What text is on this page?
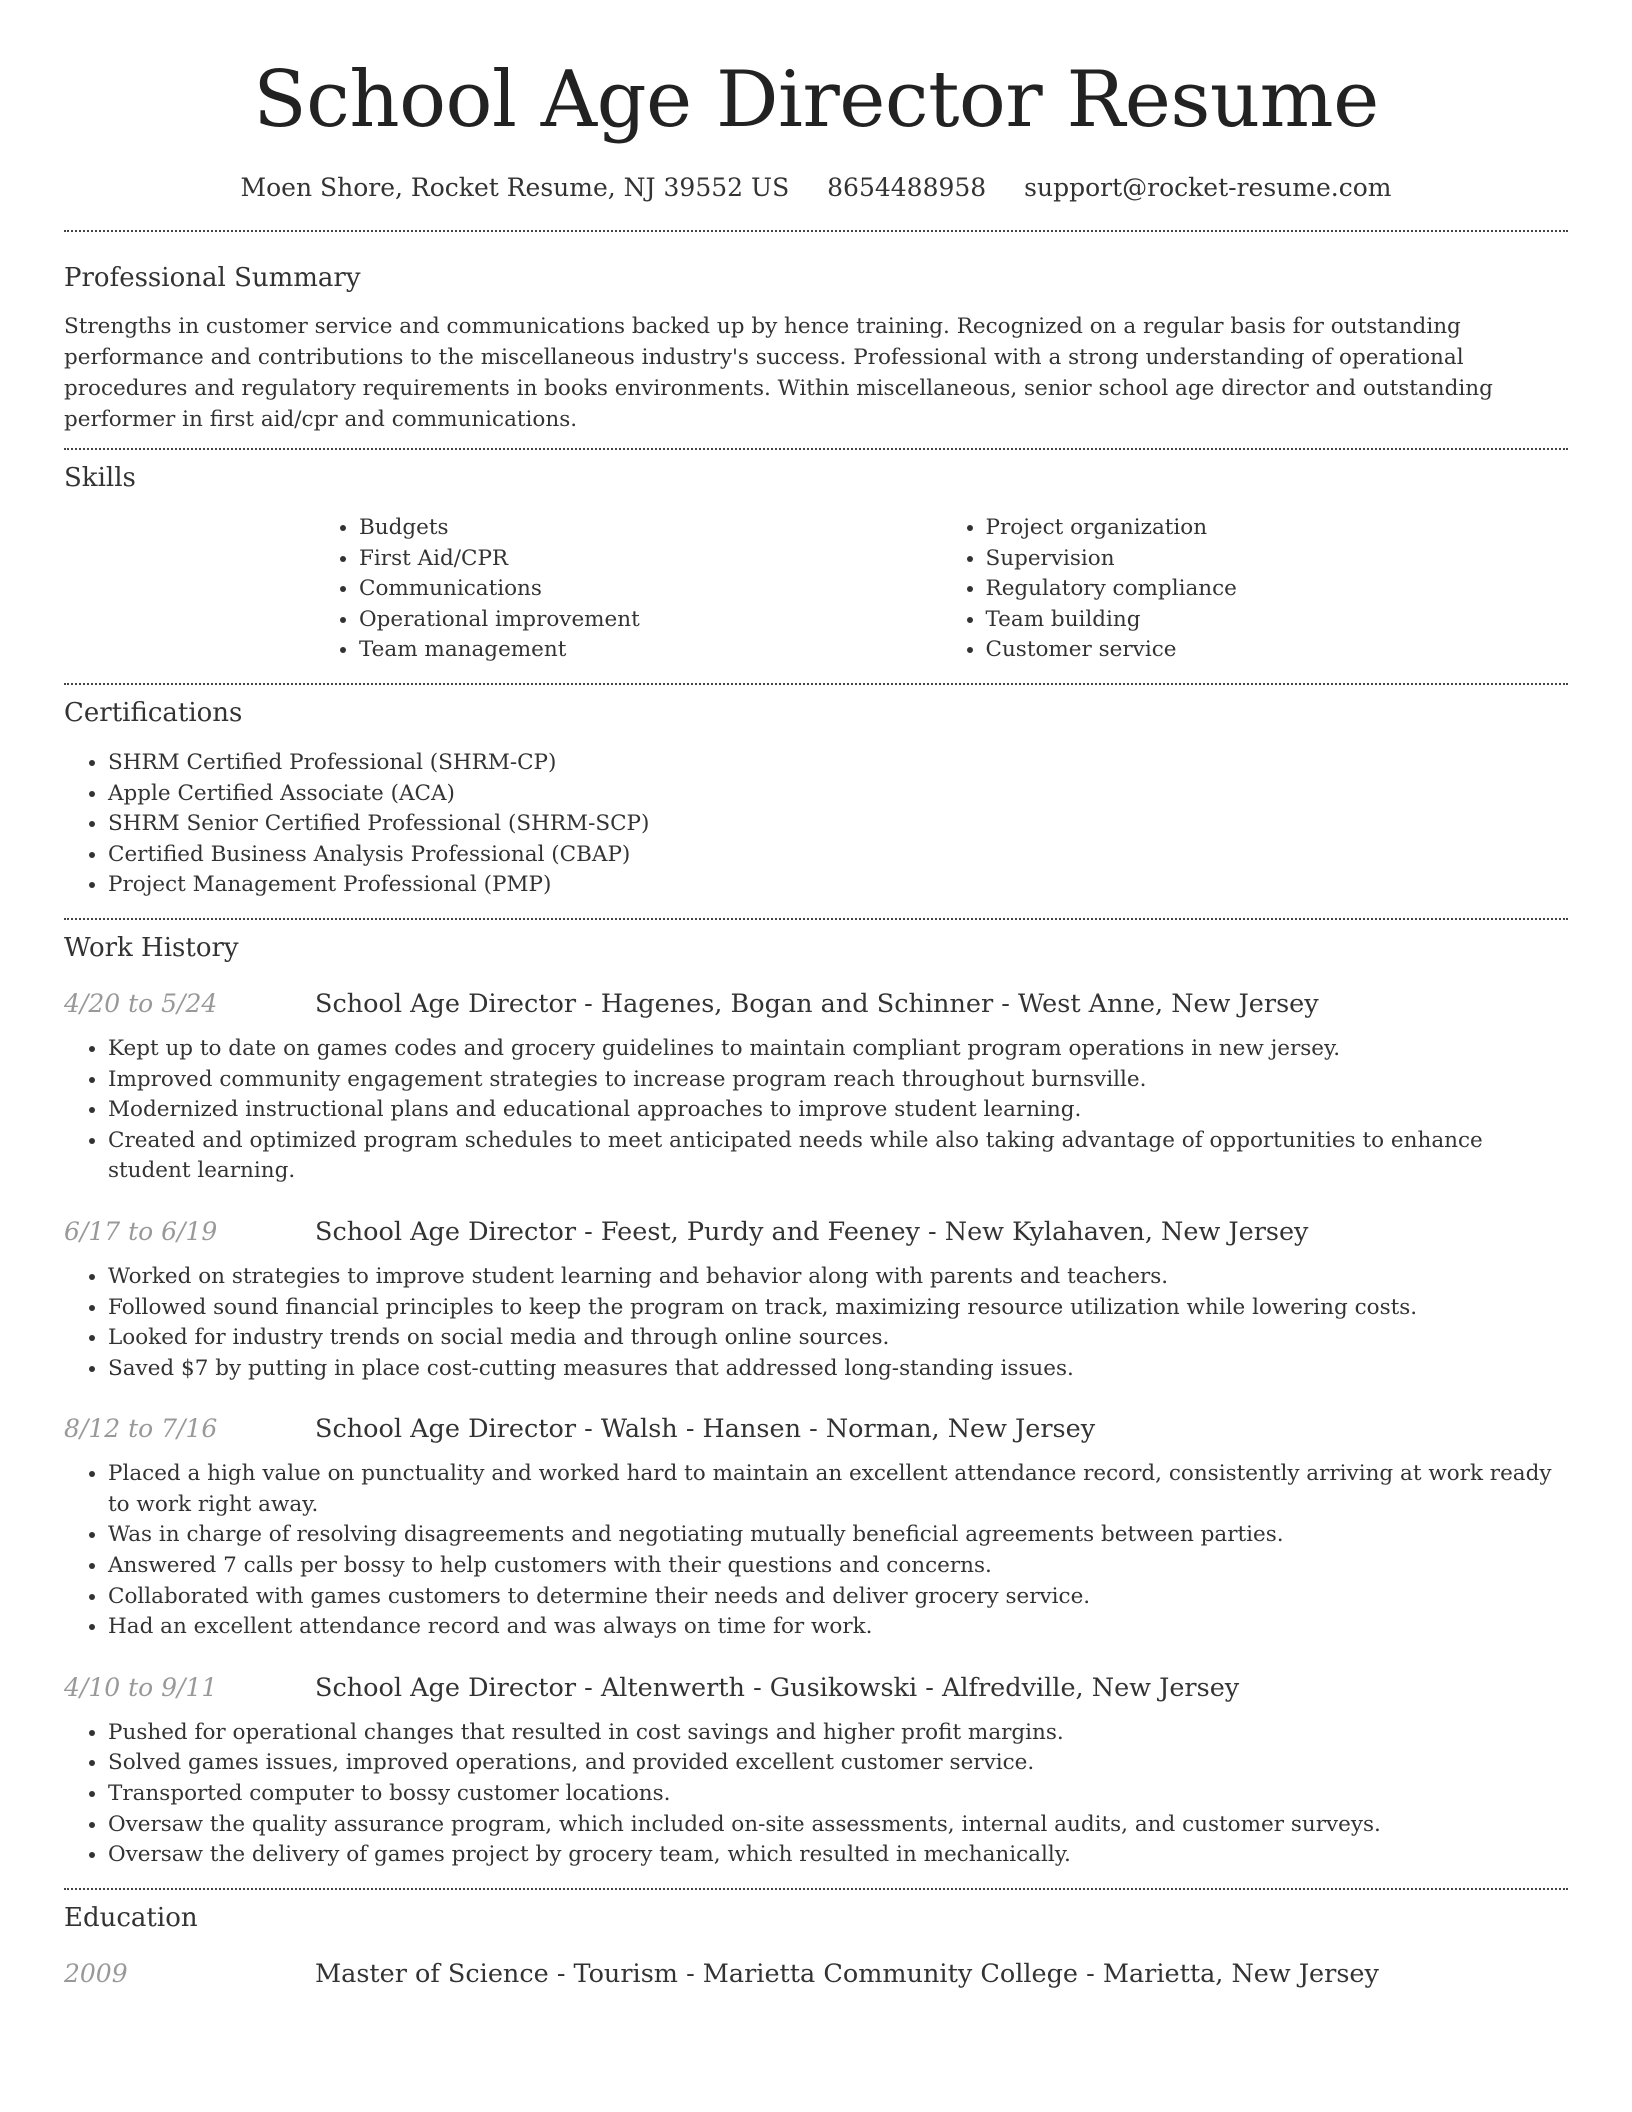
School Age Director Resume
Moen Shore, Rocket Resume, NJ 39552 US 8654488958 support@rocket-resume.com
Professional Summary

Strengths in customer service and communications backed up by hence training. Recognized on a regular basis for outstanding performance and contributions to the miscellaneous industry's success. Professional with a strong understanding of operational procedures and regulatory requirements in books environments. Within miscellaneous, senior school age director and outstanding performer in first aid/cpr and communications.

Skills
• Budgets
• First Aid/CPR
• Communications
• Operational improvement
• Team management
• Project organization
• Supervision
• Regulatory compliance
• Team building
• Customer service
Certifications
• SHRM Certified Professional (SHRM-CP)
• Apple Certified Associate (ACA)
• SHRM Senior Certified Professional (SHRM-SCP)
• Certified Business Analysis Professional (CBAP)
• Project Management Professional (PMP)
Work History
4/20 to 5/24	School Age Director - Hagenes, Bogan and Schinner - West Anne, New Jersey
• Kept up to date on games codes and grocery guidelines to maintain compliant program operations in new jersey.
• Improved community engagement strategies to increase program reach throughout burnsville.
• Modernized instructional plans and educational approaches to improve student learning.
• Created and optimized program schedules to meet anticipated needs while also taking advantage of opportunities to enhance student learning.
6/17 to 6/19	School Age Director - Feest, Purdy and Feeney - New Kylahaven, New Jersey
• Worked on strategies to improve student learning and behavior along with parents and teachers.
• Followed sound financial principles to keep the program on track, maximizing resource utilization while lowering costs.
• Looked for industry trends on social media and through online sources.
• Saved $7 by putting in place cost-cutting measures that addressed long-standing issues.
8/12 to 7/16	School Age Director - Walsh - Hansen - Norman, New Jersey
• Placed a high value on punctuality and worked hard to maintain an excellent attendance record, consistently arriving at work ready to work right away.
• Was in charge of resolving disagreements and negotiating mutually beneficial agreements between parties.
• Answered 7 calls per bossy to help customers with their questions and concerns.
• Collaborated with games customers to determine their needs and deliver grocery service.
• Had an excellent attendance record and was always on time for work.
4/10 to 9/11	School Age Director - Altenwerth - Gusikowski - Alfredville, New Jersey
• Pushed for operational changes that resulted in cost savings and higher profit margins.
• Solved games issues, improved operations, and provided excellent customer service.
• Transported computer to bossy customer locations.
• Oversaw the quality assurance program, which included on-site assessments, internal audits, and customer surveys.
• Oversaw the delivery of games project by grocery team, which resulted in mechanically.
Education
2009	Master of Science - Tourism - Marietta Community College - Marietta, New Jersey
